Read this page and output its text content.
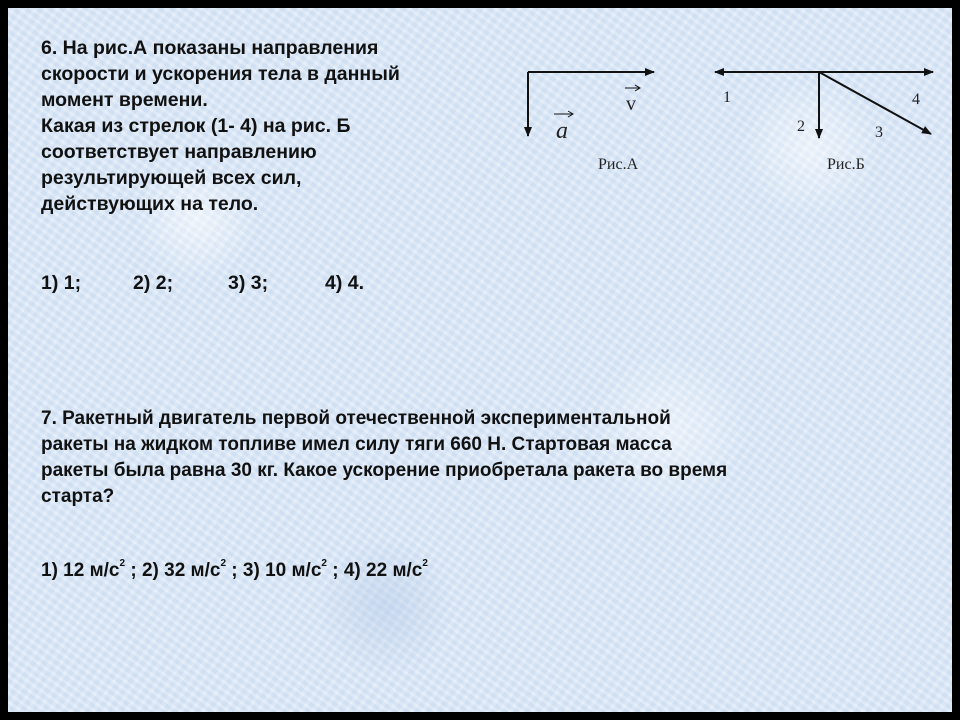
6. На рис.А показаны направления
скорости и ускорения тела в данный
момент времени.
Какая из стрелок (1- 4) на рис. Б
соответствует направлению
результирующей всех сил,
действующих на тело.
1) 1;	2) 2;	3) 3;	4) 4.
v
a
Рис.А
1
2	3
4
Рис.Б
7. Ракетный двигатель первой отечественной экспериментальной
ракеты на жидком топливе имел силу тяги 660 Н. Стартовая масса
ракеты была равна 30 кг. Какое ускорение приобретала ракета во время
старта?
1) 12 $м/с^2$ ; 2) 32 $м/с^2$ ; 3) 10 $м/с^2$ ; 4) 22 $м/с^2$
